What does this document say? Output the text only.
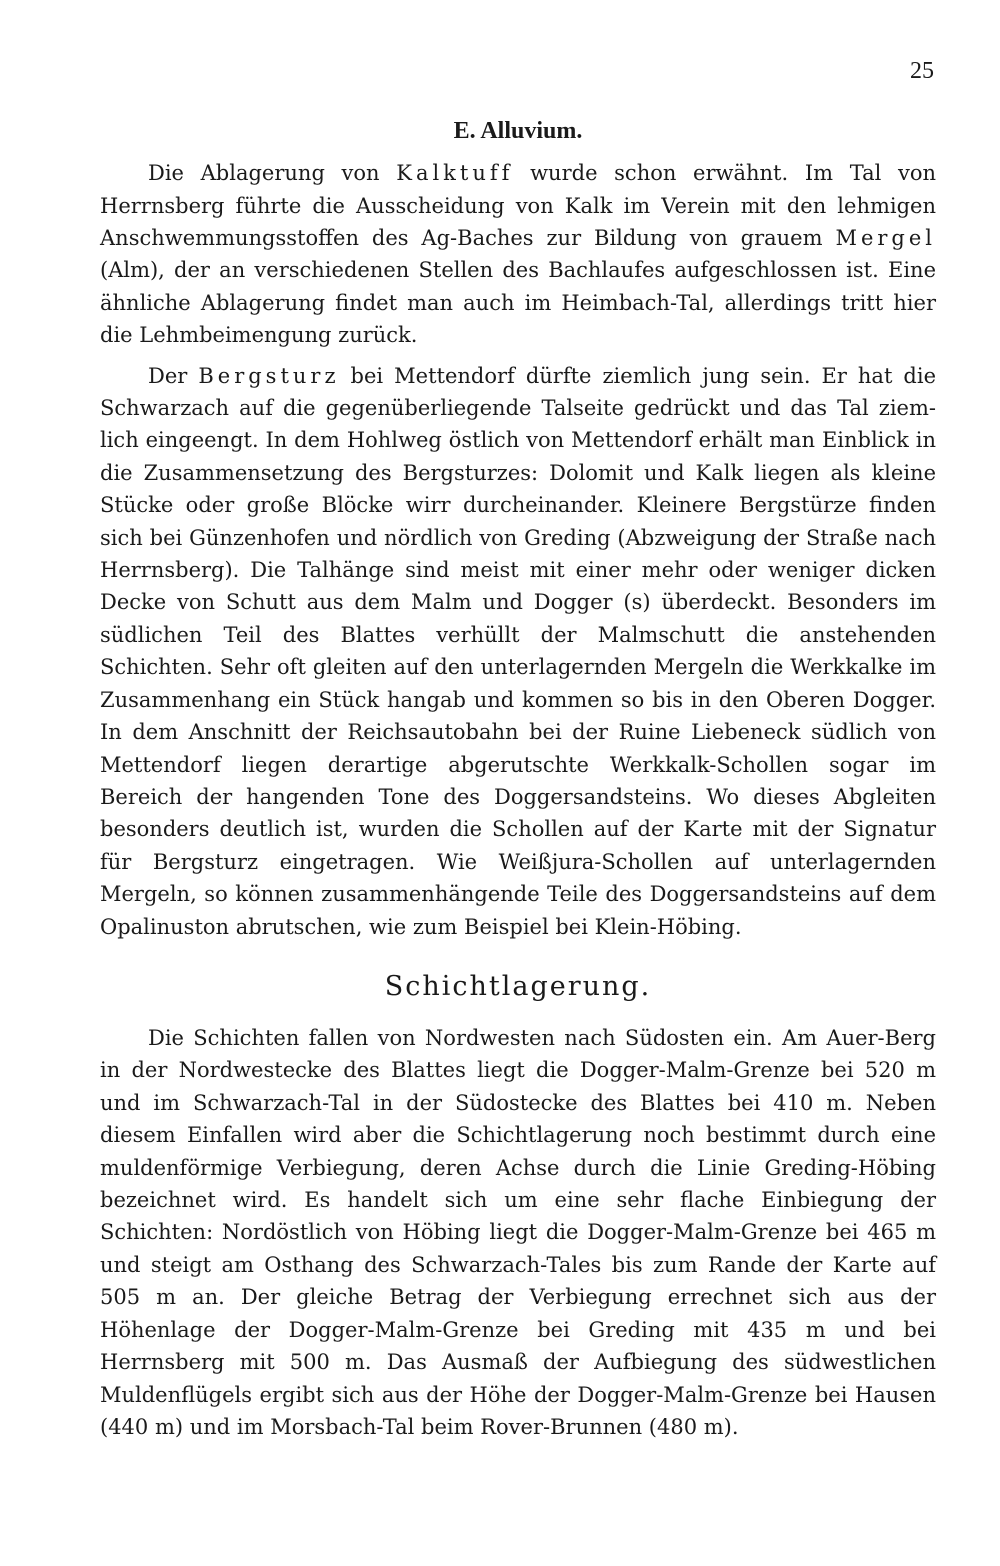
25
E. Alluvium.

Die Ablagerung von Kalktuff wurde schon erwähnt. Im Tal von Herrnsberg führte die Ausscheidung von Kalk im Verein mit den lehmigen Anschwemmungsstoffen des Ag-Baches zur Bildung von grauem Mergel (Alm), der an verschiedenen Stellen des Bachlaufes aufgeschlossen ist. Eine ähnliche Ablagerung findet man auch im Heimbach-Tal, allerdings tritt hier die Lehmbeimengung zurück.

Der Bergsturz bei Mettendorf dürfte ziemlich jung sein. Er hat die Schwarzach auf die gegenüberliegende Talseite gedrückt und das Tal ziemlich eingeengt. In dem Hohlweg östlich von Mettendorf erhält man Einblick in die Zusammensetzung des Bergsturzes: Dolomit und Kalk liegen als kleine Stücke oder große Blöcke wirr durcheinander. Kleinere Bergstürze finden sich bei Günzenhofen und nördlich von Greding (Abzweigung der Straße nach Herrnsberg). Die Talhänge sind meist mit einer mehr oder weniger dicken Decke von Schutt aus dem Malm und Dogger (s) überdeckt. Besonders im südlichen Teil des Blattes verhüllt der Malmschutt die anstehenden Schichten. Sehr oft gleiten auf den unterlagernden Mergeln die Werkkalke im Zusammenhang ein Stück hangab und kommen so bis in den Oberen Dogger. In dem Anschnitt der Reichsautobahn bei der Ruine Liebeneck südlich von Mettendorf liegen derartige abgerutschte Werkkalk-Schollen sogar im Bereich der hangenden Tone des Doggersandsteins. Wo dieses Abgleiten besonders deutlich ist, wurden die Schollen auf der Karte mit der Signatur für Bergsturz eingetragen. Wie Weißjura-Schollen auf unterlagernden Mergeln, so können zusammenhängende Teile des Doggersandsteins auf dem Opalinuston abrutschen, wie zum Beispiel bei Klein-Höbing.

Schichtlagerung.

Die Schichten fallen von Nordwesten nach Südosten ein. Am Auer-Berg in der Nordwestecke des Blattes liegt die Dogger-Malm-Grenze bei 520 m und im Schwarzach-Tal in der Südostecke des Blattes bei 410 m. Neben diesem Einfallen wird aber die Schichtlagerung noch bestimmt durch eine muldenförmige Verbiegung, deren Achse durch die Linie Greding-Höbing bezeichnet wird. Es handelt sich um eine sehr flache Einbiegung der Schichten: Nordöstlich von Höbing liegt die Dogger-Malm-Grenze bei 465 m und steigt am Osthang des Schwarzach-Tales bis zum Rande der Karte auf 505 m an. Der gleiche Betrag der Verbiegung errechnet sich aus der Höhenlage der Dogger-Malm-Grenze bei Greding mit 435 m und bei Herrnsberg mit 500 m. Das Ausmaß der Aufbiegung des südwestlichen Muldenflügels ergibt sich aus der Höhe der Dogger-Malm-Grenze bei Hausen (440 m) und im Morsbach-Tal beim Rover-Brunnen (480 m).
